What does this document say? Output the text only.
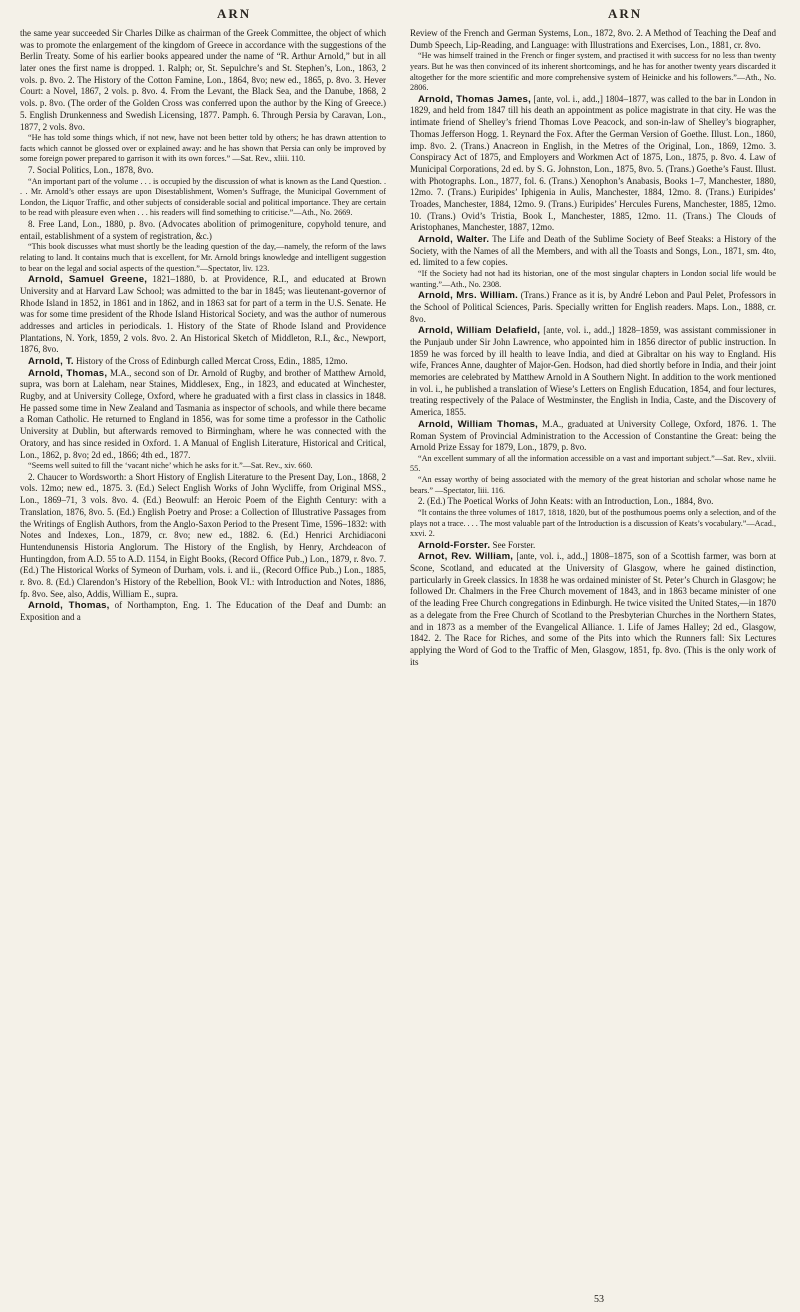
ARN	ARN

the same year succeeded Sir Charles Dilke as chairman of the Greek Committee, the object of which was to promote the enlargement of the kingdom of Greece in accordance with the suggestions of the Berlin Treaty. Some of his earlier books appeared under the name of “R. Arthur Arnold,” but in all later ones the first name is dropped. 1. Ralph; or, St. Sepulchre’s and St. Stephen’s, Lon., 1863, 2 vols. p. 8vo. 2. The History of the Cotton Famine, Lon., 1864, 8vo; new ed., 1865, p. 8vo. 3. Hever Court: a Novel, 1867, 2 vols. p. 8vo. 4. From the Levant, the Black Sea, and the Danube, 1868, 2 vols. p. 8vo. (The order of the Golden Cross was conferred upon the author by the King of Greece.) 5. English Drunkenness and Swedish Licensing, 1877. Pamph. 6. Through Persia by Caravan, Lon., 1877, 2 vols. 8vo.

“He has told some things which, if not new, have not been better told by others; he has drawn attention to facts which cannot be glossed over or explained away: and he has shown that Persia can only be improved by some foreign power prepared to garrison it with its own forces.” —Sat. Rev., xliii. 110.

7. Social Politics, Lon., 1878, 8vo.

“An important part of the volume . . . is occupied by the discussion of what is known as the Land Question. . . . Mr. Arnold’s other essays are upon Disestablishment, Women’s Suffrage, the Municipal Government of London, the Liquor Traffic, and other subjects of considerable social and political importance. They are certain to be read with pleasure even when . . . his readers will find something to criticise.”—Ath., No. 2669.

8. Free Land, Lon., 1880, p. 8vo. (Advocates abolition of primogeniture, copyhold tenure, and entail, establishment of a system of registration, &c.)

“This book discusses what must shortly be the leading question of the day,—namely, the reform of the laws relating to land. It contains much that is excellent, for Mr. Arnold brings knowledge and intelligent suggestion to bear on the legal and social aspects of the question.”—Spectator, liv. 123.

Arnold, Samuel Greene, 1821–1880, b. at Providence, R.I., and educated at Brown University and at Harvard Law School; was admitted to the bar in 1845; was lieutenant-governor of Rhode Island in 1852, in 1861 and in 1862, and in 1863 sat for part of a term in the U.S. Senate. He was for some time president of the Rhode Island Historical Society, and was the author of numerous addresses and articles in periodicals. 1. History of the State of Rhode Island and Providence Plantations, N. York, 1859, 2 vols. 8vo. 2. An Historical Sketch of Middleton, R.I., &c., Newport, 1876, 8vo.

Arnold, T. History of the Cross of Edinburgh called Mercat Cross, Edin., 1885, 12mo.

Arnold, Thomas, M.A., second son of Dr. Arnold of Rugby, and brother of Matthew Arnold, supra, was born at Laleham, near Staines, Middlesex, Eng., in 1823, and educated at Winchester, Rugby, and at University College, Oxford, where he graduated with a first class in classics in 1848. He passed some time in New Zealand and Tasmania as inspector of schools, and while there became a Roman Catholic. He returned to England in 1856, was for some time a professor in the Catholic University at Dublin, but afterwards removed to Birmingham, where he was connected with the Oratory, and has since resided in Oxford. 1. A Manual of English Literature, Historical and Critical, Lon., 1862, p. 8vo; 2d ed., 1866; 4th ed., 1877.

“Seems well suited to fill the ‘vacant niche’ which he asks for it.”—Sat. Rev., xiv. 660.

2. Chaucer to Wordsworth: a Short History of English Literature to the Present Day, Lon., 1868, 2 vols. 12mo; new ed., 1875. 3. (Ed.) Select English Works of John Wycliffe, from Original MSS., Lon., 1869–71, 3 vols. 8vo. 4. (Ed.) Beowulf: an Heroic Poem of the Eighth Century: with a Translation, 1876, 8vo. 5. (Ed.) English Poetry and Prose: a Collection of Illustrative Passages from the Writings of English Authors, from the Anglo-Saxon Period to the Present Time, 1596–1832: with Notes and Indexes, Lon., 1879, cr. 8vo; new ed., 1882. 6. (Ed.) Henrici Archidiaconi Huntendunensis Historia Anglorum. The History of the English, by Henry, Archdeacon of Huntingdon, from A.D. 55 to A.D. 1154, in Eight Books, (Record Office Pub.,) Lon., 1879, r. 8vo. 7. (Ed.) The Historical Works of Symeon of Durham, vols. i. and ii., (Record Office Pub.,) Lon., 1885, r. 8vo. 8. (Ed.) Clarendon’s History of the Rebellion, Book VI.: with Introduction and Notes, 1886, fp. 8vo. See, also, Addis, William E., supra.

Arnold, Thomas, of Northampton, Eng. 1. The Education of the Deaf and Dumb: an Exposition and a

Review of the French and German Systems, Lon., 1872, 8vo. 2. A Method of Teaching the Deaf and Dumb Speech, Lip-Reading, and Language: with Illustrations and Exercises, Lon., 1881, cr. 8vo.

“He was himself trained in the French or finger system, and practised it with success for no less than twenty years. But he was then convinced of its inherent shortcomings, and he has for another twenty years discarded it altogether for the more scientific and more comprehensive system of Heinicke and his followers.”—Ath., No. 2806.

Arnold, Thomas James, [ante, vol. i., add.,] 1804–1877, was called to the bar in London in 1829, and held from 1847 till his death an appointment as police magistrate in that city. He was the intimate friend of Shelley’s friend Thomas Love Peacock, and son-in-law of Shelley’s biographer, Thomas Jefferson Hogg. 1. Reynard the Fox. After the German Version of Goethe. Illust. Lon., 1860, imp. 8vo. 2. (Trans.) Anacreon in English, in the Metres of the Original, Lon., 1869, 12mo. 3. Conspiracy Act of 1875, and Employers and Workmen Act of 1875, Lon., 1875, p. 8vo. 4. Law of Municipal Corporations, 2d ed. by S. G. Johnston, Lon., 1875, 8vo. 5. (Trans.) Goethe’s Faust. Illust. with Photographs. Lon., 1877, fol. 6. (Trans.) Xenophon’s Anabasis, Books 1–7, Manchester, 1880, 12mo. 7. (Trans.) Euripides’ Iphigenia in Aulis, Manchester, 1884, 12mo. 8. (Trans.) Euripides’ Troades, Manchester, 1884, 12mo. 9. (Trans.) Euripides’ Hercules Furens, Manchester, 1885, 12mo. 10. (Trans.) Ovid’s Tristia, Book I., Manchester, 1885, 12mo. 11. (Trans.) The Clouds of Aristophanes, Manchester, 1887, 12mo.

Arnold, Walter. The Life and Death of the Sublime Society of Beef Steaks: a History of the Society, with the Names of all the Members, and with all the Toasts and Songs, Lon., 1871, sm. 4to, ed. limited to a few copies.

“If the Society had not had its historian, one of the most singular chapters in London social life would be wanting.”—Ath., No. 2308.

Arnold, Mrs. William. (Trans.) France as it is, by André Lebon and Paul Pelet, Professors in the School of Political Sciences, Paris. Specially written for English readers. Maps. Lon., 1888, cr. 8vo.

Arnold, William Delafield, [ante, vol. i., add.,] 1828–1859, was assistant commissioner in the Punjaub under Sir John Lawrence, who appointed him in 1856 director of public instruction. In 1859 he was forced by ill health to leave India, and died at Gibraltar on his way to England. His wife, Frances Anne, daughter of Major-Gen. Hodson, had died shortly before in India, and their joint memories are celebrated by Matthew Arnold in A Southern Night. In addition to the work mentioned in vol. i., he published a translation of Wiese’s Letters on English Education, 1854, and four lectures, treating respectively of the Palace of Westminster, the English in India, Caste, and the Discovery of America, 1855.

Arnold, William Thomas, M.A., graduated at University College, Oxford, 1876. 1. The Roman System of Provincial Administration to the Accession of Constantine the Great: being the Arnold Prize Essay for 1879, Lon., 1879, p. 8vo.

“An excellent summary of all the information accessible on a vast and important subject.”—Sat. Rev., xlviii. 55.

“An essay worthy of being associated with the memory of the great historian and scholar whose name he bears.” —Spectator, liii. 116.

2. (Ed.) The Poetical Works of John Keats: with an Introduction, Lon., 1884, 8vo.

“It contains the three volumes of 1817, 1818, 1820, but of the posthumous poems only a selection, and of the plays not a trace. . . . The most valuable part of the Introduction is a discussion of Keats’s vocabulary.”—Acad., xxvi. 2.

Arnold-Forster. See Forster.

Arnot, Rev. William, [ante, vol. i., add.,] 1808–1875, son of a Scottish farmer, was born at Scone, Scotland, and educated at the University of Glasgow, where he gained distinction, particularly in Greek classics. In 1838 he was ordained minister of St. Peter’s Church in Glasgow; he followed Dr. Chalmers in the Free Church movement of 1843, and in 1863 became minister of one of the leading Free Church congregations in Edinburgh. He twice visited the United States,—in 1870 as a delegate from the Free Church of Scotland to the Presbyterian Churches in the Northern States, and in 1873 as a member of the Evangelical Alliance. 1. Life of James Halley; 2d ed., Glasgow, 1842. 2. The Race for Riches, and some of the Pits into which the Runners fall: Six Lectures applying the Word of God to the Traffic of Men, Glasgow, 1851, fp. 8vo. (This is the only work of its

53
